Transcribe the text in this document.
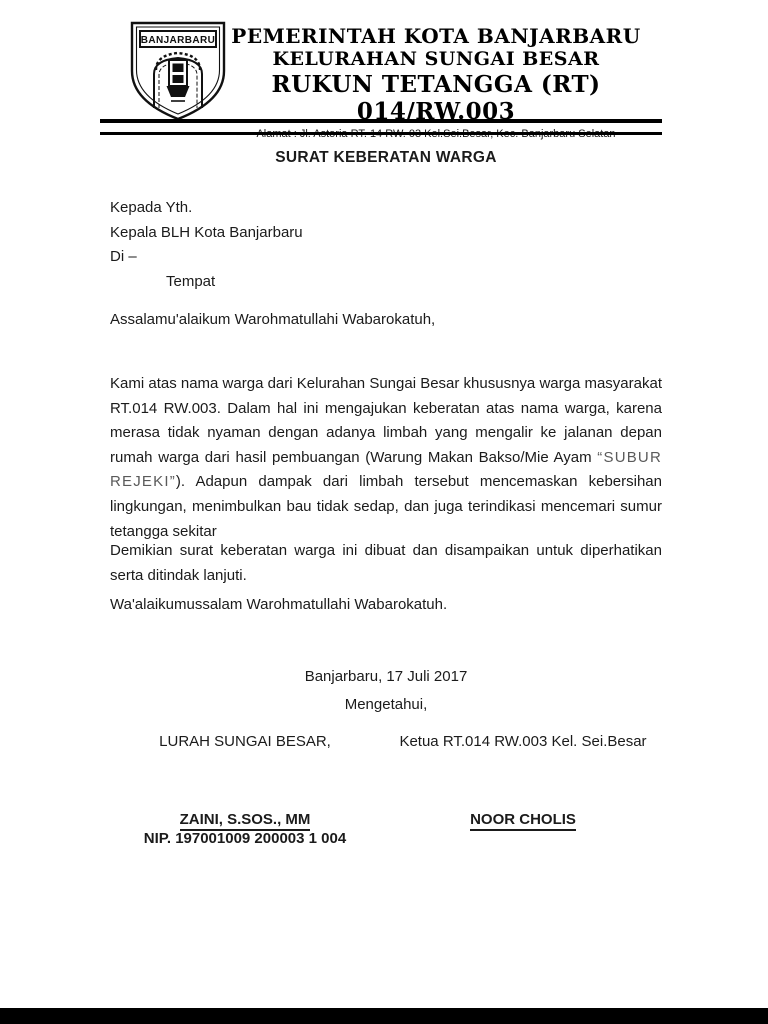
BANJARBARU PEMERINTAH KOTA BANJARBARU
KELURAHAN SUNGAI BESAR
RUKUN TETANGGA (RT) 014/RW.003
Alamat : Jl. Astoria RT. 14 RW. 03 Kel.Sei.Besar, Kec. Banjarbaru Selatan
SURAT KEBERATAN WARGA
Kepada Yth.
Kepala BLH Kota Banjarbaru
Di –
Tempat
Assalamu'alaikum Warohmatullahi Wabarokatuh,

Kami atas nama warga dari Kelurahan Sungai Besar khususnya warga masyarakat RT.014 RW.003. Dalam hal ini mengajukan keberatan atas nama warga, karena merasa tidak nyaman dengan adanya limbah yang mengalir ke jalanan depan rumah warga dari hasil pembuangan (Warung Makan Bakso/Mie Ayam “SUBUR REJEKI”). Adapun dampak dari limbah tersebut mencemaskan kebersihan lingkungan, menimbulkan bau tidak sedap, dan juga terindikasi mencemari sumur tetangga sekitar

Demikian surat keberatan warga ini dibuat dan disampaikan untuk diperhatikan serta ditindak lanjuti.

Wa'alaikumussalam Warohmatullahi Wabarokatuh.
Banjarbaru, 17 Juli 2017
Mengetahui,
LURAH SUNGAI BESAR,	Ketua RT.014 RW.003 Kel. Sei.Besar
ZAINI, S.SOS., MM	NOOR CHOLIS
NIP. 197001009 200003 1 004
